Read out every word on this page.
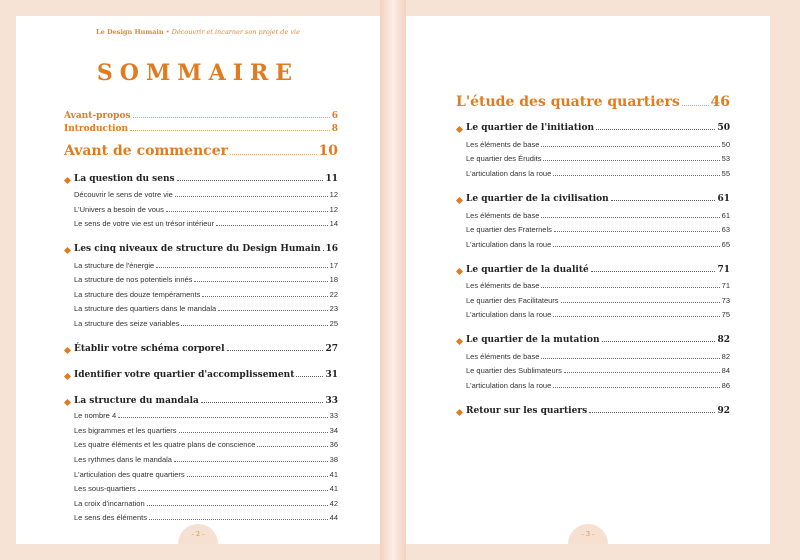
Le Design Humain • Découvrir et incarner son projet de vie
SOMMAIRE
Avant-propos	6
Introduction	8
Avant de commencer	10
La question du sens	11
Découvrir le sens de votre vie	12
L'Univers a besoin de vous	12
Le sens de votre vie est un trésor intérieur	14
Les cinq niveaux de structure du Design Humain 16
La structure de l'énergie	17
La structure de nos potentiels innés	18
La structure des douze tempéraments	22
La structure des quartiers dans le mandala	23
La structure des seize variables	25
Établir votre schéma corporel	27
Identifier votre quartier d'accomplissement	31
La structure du mandala	33
Le nombre 4	33
Les bigrammes et les quartiers	34
Les quatre éléments et les quatre plans de conscience	36
Les rythmes dans le mandala	38
L'articulation des quatre quartiers	41
Les sous-quartiers	41
La croix d'incarnation	42
Le sens des éléments	44
- 2 -
L'étude des quatre quartiers 46
Le quartier de l'initiation	50
Les éléments de base	50
Le quartier des Érudits	53
L'articulation dans la roue	55
Le quartier de la civilisation	61
Les éléments de base	61
Le quartier des Fraternels	63
L'articulation dans la roue	65
Le quartier de la dualité	71
Les éléments de base	71
Le quartier des Facilitateurs	73
L'articulation dans la roue	75
Le quartier de la mutation	82
Les éléments de base	82
Le quartier des Sublimateurs	84
L'articulation dans la roue	86
Retour sur les quartiers	92
- 3 -
